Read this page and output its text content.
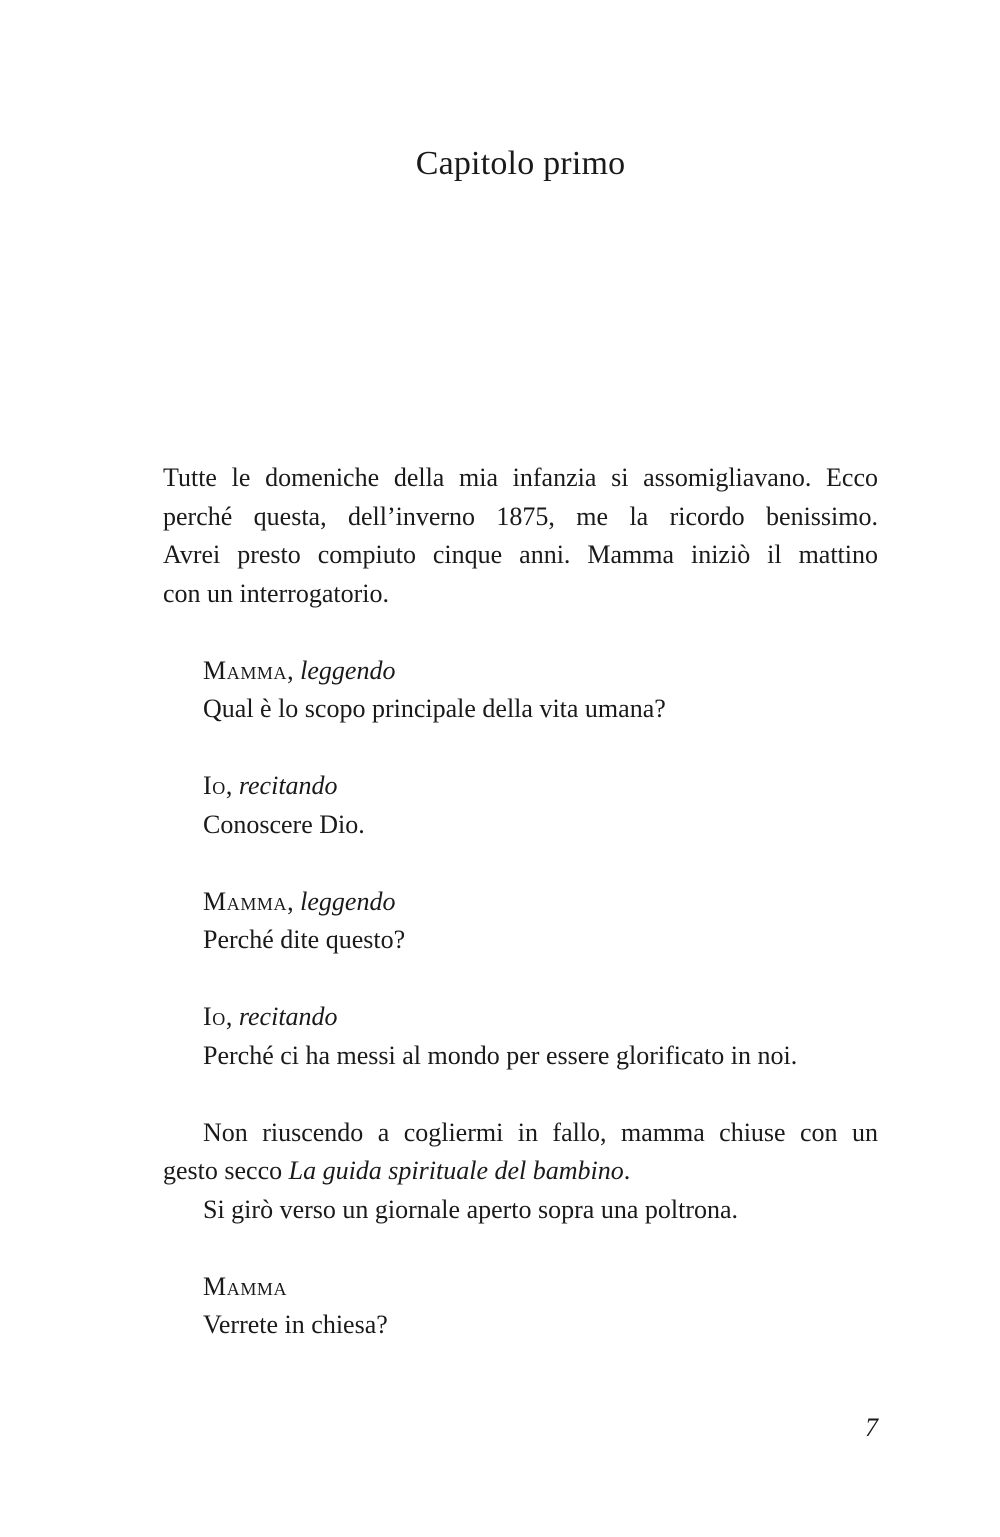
Capitolo primo
Tutte le domeniche della mia infanzia si assomigliavano. Ecco
perché questa, dell’inverno 1875, me la ricordo benissimo.
Avrei presto compiuto cinque anni. Mamma iniziò il mattino
con un interrogatorio.
Mamma, leggendo
Qual è lo scopo principale della vita umana?
Io, recitando
Conoscere Dio.
Mamma, leggendo
Perché dite questo?
Io, recitando
Perché ci ha messi al mondo per essere glorificato in noi.
Non riuscendo a cogliermi in fallo, mamma chiuse con un
gesto secco La guida spirituale del bambino.
Si girò verso un giornale aperto sopra una poltrona.
Mamma
Verrete in chiesa?
7
